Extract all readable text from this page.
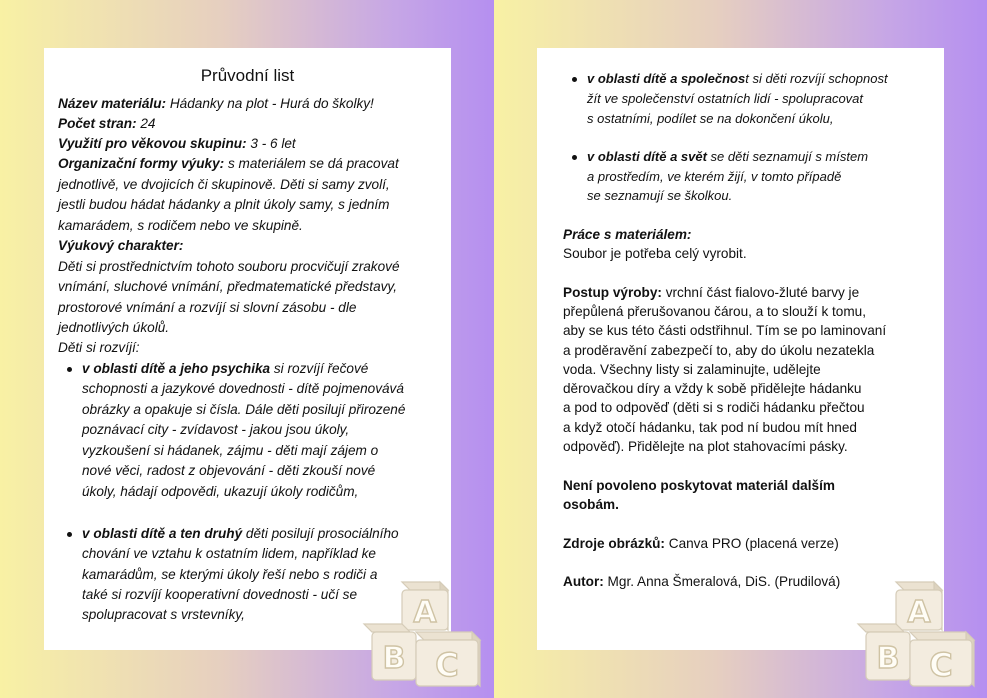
Průvodní list

Název materiálu: Hádanky na plot - Hurá do školky!

Počet stran: 24

Využití pro věkovou skupinu: 3 - 6 let

Organizační formy výuky: s materiálem se dá pracovat

jednotlivě, ve dvojicích či skupinově. Děti si samy zvolí,

jestli budou hádat hádanky a plnit úkoly samy, s jedním

kamarádem, s rodičem nebo ve skupině.

Výukový charakter:

Děti si prostřednictvím tohoto souboru procvičují zrakové

vnímání, sluchové vnímání, předmatematické představy,

prostorové vnímání a rozvíjí si slovní zásobu - dle

jednotlivých úkolů.

Děti si rozvíjí:

v oblasti dítě a jeho psychika si rozvíjí řečové

schopnosti a jazykové dovednosti - dítě pojmenovává

obrázky a opakuje si čísla. Dále děti posilují přirozené

poznávací city - zvídavost - jakou jsou úkoly,

vyzkoušení si hádanek, zájmu - děti mají zájem o

nové věci, radost z objevování - děti zkouší nové

úkoly, hádají odpovědi, ukazují úkoly rodičům,

v oblasti dítě a ten druhý děti posilují prosociálního

chování ve vztahu k ostatním lidem, například ke

kamarádům, se kterými úkoly řeší nebo s rodiči a

také si rozvíjí kooperativní dovednosti - učí se

spolupracovat s vrstevníky,

v oblasti dítě a společnost si děti rozvíjí schopnost

žít ve společenství ostatních lidí - spolupracovat

s ostatními, podílet se na dokončení úkolu,

v oblasti dítě a svět se děti seznamují s místem

a prostředím, ve kterém žijí, v tomto případě

se seznamují se školkou.

Práce s materiálem:

Soubor je potřeba celý vyrobit.

Postup výroby: vrchní část fialovo-žluté barvy je

přepůlená přerušovanou čárou, a to slouží k tomu,

aby se kus této části odstřihnul. Tím se po laminovaní

a proděravění zabezpečí to, aby do úkolu nezatekla

voda. Všechny listy si zalaminujte, udělejte

děrovačkou díry a vždy k sobě přidělejte hádanku

a pod to odpověď (děti si s rodiči hádanku přečtou

a když otočí hádanku, tak pod ní budou mít hned

odpověď). Přidělejte na plot stahovacími pásky.

Není povoleno poskytovat materiál dalším

osobám.

Zdroje obrázků: Canva PRO (placená verze)

Autor: Mgr. Anna Šmeralová, DiS. (Prudilová)

A
B C
A
B C
